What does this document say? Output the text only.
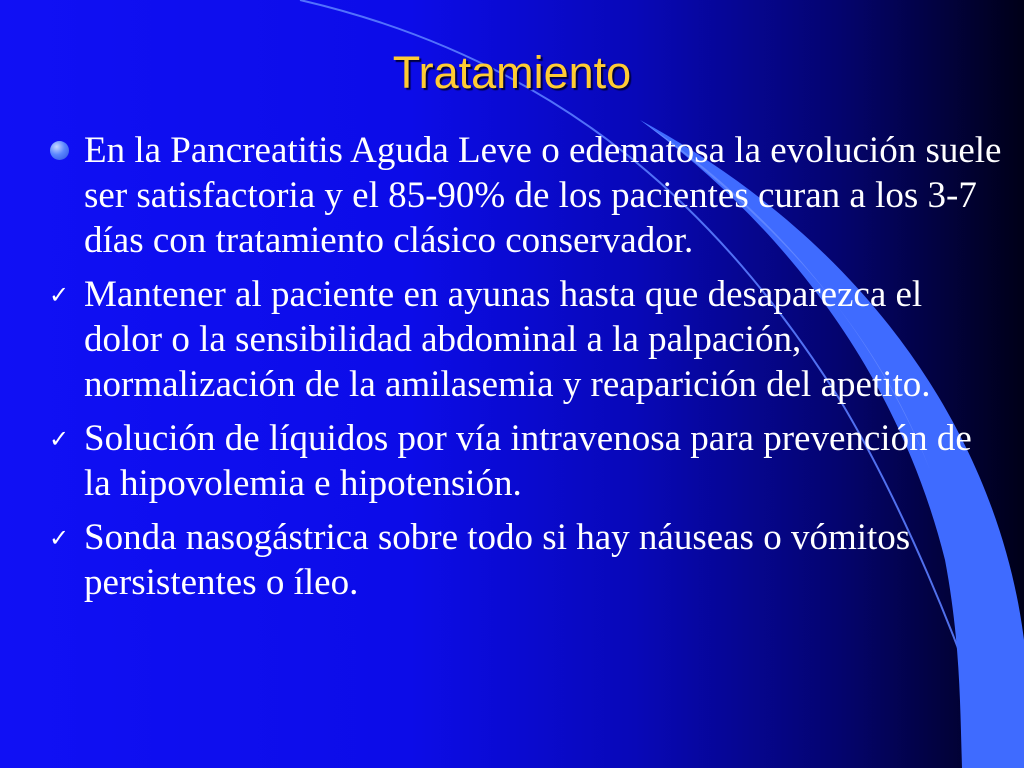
Tratamiento
En la Pancreatitis Aguda Leve o edematosa la evolución suele ser satisfactoria y el 85-90% de los pacientes curan a los 3-7 días con tratamiento clásico conservador.
✓ Mantener al paciente en ayunas hasta que desaparezca el dolor o la sensibilidad abdominal a la palpación, normalización de la amilasemia y reaparición del apetito.
✓ Solución de líquidos por vía intravenosa para prevención de la hipovolemia e hipotensión.
✓ Sonda nasogástrica sobre todo si hay náuseas o vómitos persistentes o íleo.
